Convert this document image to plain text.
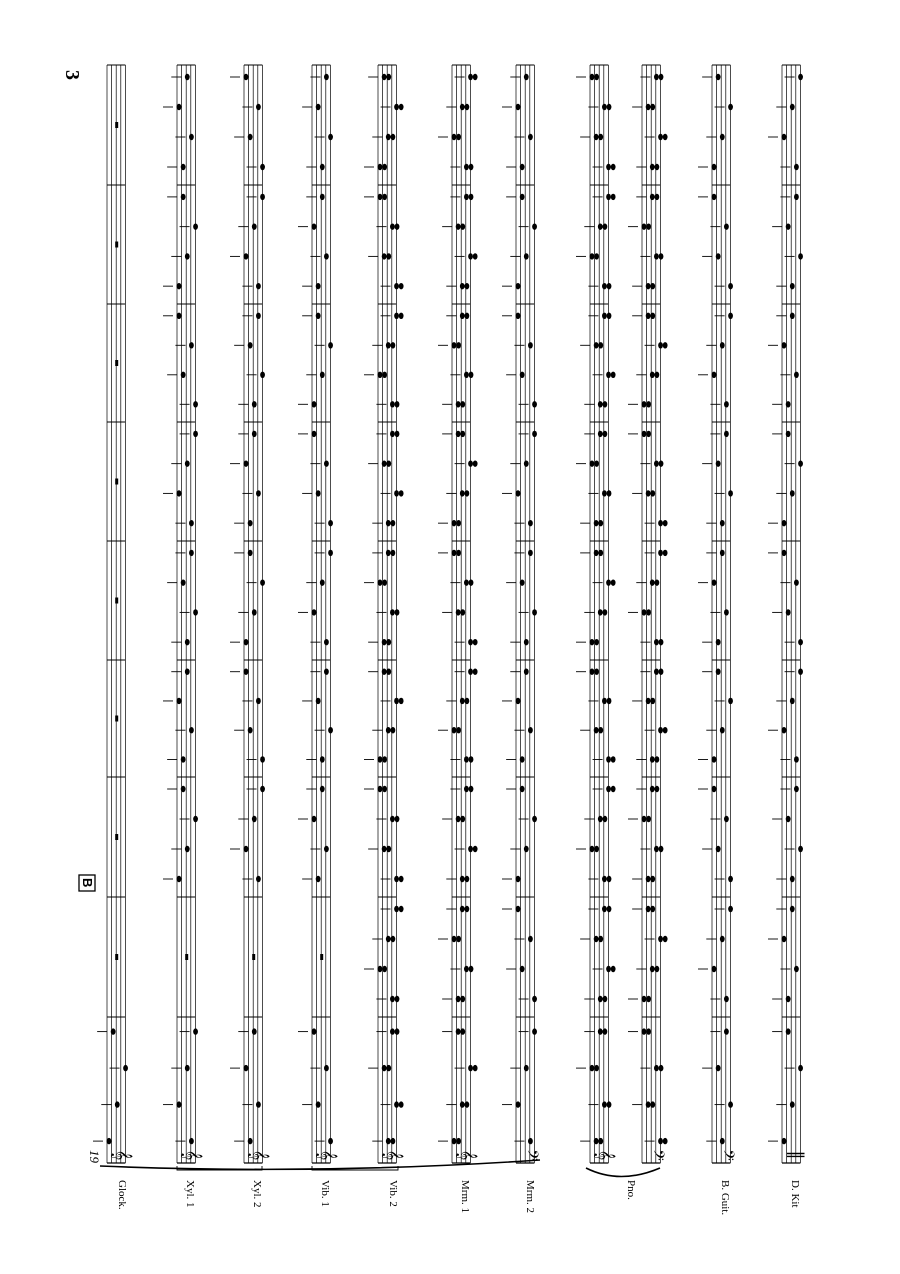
3
19
B
𝄞	𝄞	𝄞	𝄞	𝄞	𝄞 𝄢	𝄞 𝄢	𝄢	‖
Glock.	Xyl. 1	Xyl. 2	Vib. 1	Vib. 2	Mrm. 1	Mrm. 2	Pno.	B. Guit.	D. Kit
